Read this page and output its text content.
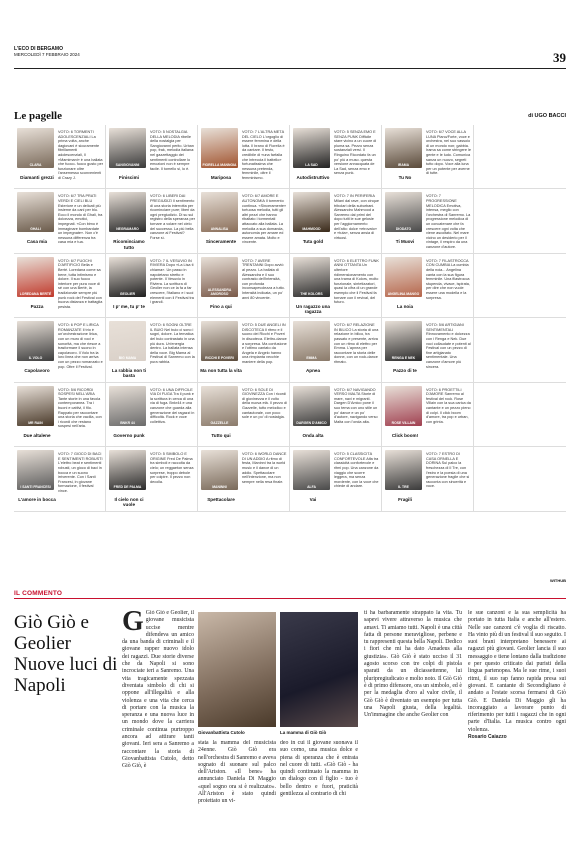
L'ECO DI BERGAMO
MERCOLEDÌ 7 FEBBRAIO 2024	39
Le pagelle	di UGO BACCI
CLARA
Diamanti grezzi
VOTO: 6 TORMENTI ADOLESCENZIALI La prima volta, anche dagiovani è sicuramente fibrillamenti adolescenziali, Il «Mamimani» è una ballata che fuoco- fuoco gusto per funzionare oltre l'ansemesso sconvenienti di Crazy J.
SANGIOVANNI
Finiscimi
VOTO: 5 NOSTALGIA DELLA MELODIA ribelle della nostalgia per Sangiovanni perito. Urban pop, frak, melodia italiana: nel gazzettaggio dei sentimenti controllare lo emozioni non è sempre facile. Il tomello si, lo è.
FIORELLA MANNOIA
Mariposa
VOTO: 7 L'ALTRA METÀ DEL CIELO L'orgoglio di essere femmina e della lotta. Il brano di Fiorella è da cantare. Il testo, credibile di «una farfalla che intreccia il battello» fortunatissima che nessuna pretenda, femminile, oltre il femminismo.
LA SAD
Autodistruttivo
VOTO: 5 SENZA EMO E SENZA PUNK Difficile stare vicino a un cuore di pluma sa. Pezzo senza sostanziali versi. Il Ringuino Ricordato fa un po' più a muso. questa versione annacquata de La Sad, senza emo e senza punk.
IRAMA
Tu No
VOTO: 6/7 VOCE ALLA LUNA Piano/Forte, voce e orchestra, nel suo vassoio di un mondo non; gabbia. Irama sa come stringere le gente e le ludo. Comunica sanza un nuovo, segreti tutto dopo. Voce alla luna per un potente per averne di tutte.
GHALI
Casa mia
VOTO: 6/7 TRA PRATI VERDI E CIELI BLU Esteriore e un delicati più insieme da cani per blu. Ecco il mondo di Ghali, tra dolcezza, emotici, impegnati. «Con bimo è immaginare bombardate un impegnate». Non c'è nessuna differenza tra casa mia e tua.
NEGRAMARO
Ricominciamo tutto
VOTO: 6 LIBERI DAI PREGIUDIZI Il sentimento di una storia interrotta per ricominciare pure; liberi da ogni pregiudizio. Di su sul registro della speranza per tornare a volare nel cielo del successo. La più bella canzone al Festival? Forse sì.
ANNALISA
Sinceramente
VOTO: 6/7 AMORE E AUTONOMIA Il tormento continua. «Sinceramente» tortuosa melodia, tutti gli altri pezzi che hanno ribaltato i tormentati attaccato alla ballata. La melodia a sua domanda, autonomia per amare ed essere amata. Molto e vincente.
MAHMOOD
Tuta gold
VOTO: 7 IN PERIFERIA Milani dal rave, con cinque tribolari della suburbani. Alessandro Mahmood a Sanremo dai primi del dopo tutti le sue gelosie per l'aggiornamento dell'alto: dolce «etrovato» e «tuta», senza ansia di virtuosi.
DIODATO
Ti Muovi
VOTO: 7 PROGRESSIONE MELODICA Emotiva, intensa, meglio con l'orchestra di Sanremo. La progressione melodica di un concatenare che fa crescere ogni volta che viene ascoltato. Nel mare vicino un desiderio per il vintage, il respiro da una canzone d'autore.
LOREDANA BERTÉ
Pazza
VOTO: 6/7 FUOCHI D'ARTIFICIO Bella e Berté. Loredana come sa bene, tutta intimismo e dolore. Il suo fuoco interiore per pura voce di sé con una Berté, la tradizionale sempre più punk rock del Festival con buona distanza e battaglia pesista.
GEOLIER
I p' me, tu p' te
VOTO: 7 IL VESUVIO IN RIVIERA Dopo «La Lisa ti chiama». Un passo in napoletano stretto e potente. Il Vesuvio in Riviera. La scrittura di Geolier non ce la fa a far crescere, l'italiano e i suoi elementi con il Festival tra i grandi.
ALESSANDRA AMOROSO
Fino a qui
VOTO: 7 AVERE TRENTANNI Dopo avviò al pezzo. La ballata di Alessandra e il suo contrasto dell'intensità, con profonda inconsapevolezza a tutto. Intensità indicata, un po' anni 80 vincente.
THE KOLORS
Un ragazzo una ragazza
VOTO: 6 ELETTRO FUNK ANNI OTTANTA Un ulteriore ridimensionamento con una trama di Kolors, molto funzionale, sintetizzatori, quasi la cifra di un grande esempio che il Festival fa tornare con il revival, del futuro.
ANGELINA MANGO
La noia
VOTO: 7 FILASTROCCA CON CUMBIA La cumbia della noia... Angelina canta con la sua figura femminile. Una filastrocca stupenda, vivace, ispirata, per dire che non vuole essere una modella e la sorpresa.
IL VOLO
Capolavoro
VOTO: 6 POP E LIRICA ROMANZATE Il trio è un'orchestrazione lirica, con un muro di voci e sonorità, ma che riesce a trasformare il suono in capolavoro. Il Volo tra la loro linea che non arriva con un pezzo romanzato e pop. Oltre il Festival.
BIG MAMA
La rabbia non ti basta
VOTO: 6 SOGNI OLTRE IL BUIO Nel buio ci sono i sogni, dolore. La tematica del buio contrastato in una più dura. Un'energia dentro. La ballata intensa della voce. Big Mama al Festival di Sanremo con la pura rabbia.
RICCHI E POVERI
Ma non tutta la vita
VOTO: 5 DUE ANGELI IN DISCOTECA Il ritmo e il suono dei Ricchi e Poveri in discoteca. Elettro-dance a sorpresa. Ma confusione e l'ottimo cantato da Angela e Angelo hanno una rimpianta vecchie maniere della pop.
EMMA
Apnea
VOTO: 6/7 RELAZIONE IN BILICO La storia di una relazione in bilico, tra passato e presente, arriva con un ritmo di elettro per Emma. L'apnea per raccontare la storia delle donne, con un rock-dance ritmato.
RENGA E NEK
Pazzo di te
VOTO: 5/6 ARTIGIANI SENTIMENTALI Rinnovamento e dolcezza con i Renga e Nek. Due voci collaudate e potenti al Festival con un pezzo di fine artigianato sentimentale. Una canzone d'amore più sincera.
MR RAIN
Due altalene
VOTO: 5/6 RICORDI SOSPESI NELL'ARIA Tante storie in una favola contemporanea. Tra i buoni e cattivi, il filo. Rappato per raccontare una storia che vacilla, con i ricordi che restano sospesi nell'aria.
BNKR 44
Governo punk
VOTO: 6 UNA DIFFICILE VIA DI FUGA Tra il punk e la scrittura in cerca di una via di fuga. Bnkr44 e una canzone che guarda alla generazione dei ragazzi in difficoltà. Rock e voce collettiva.	GAZZELLE
Tutto qui
VOTO: 6 SOLE DI GIOVINEZZA Con i ricordi di giovinezza e il volto della nuova età. Il pezzo di Gazzelle, tutto melodico e cantautorale, con poco sole e un po' di nostalgia.
DARGEN D'AMICO
Onda alta
VOTO: 6/7 NAVIGANDO VERSO MALTA Storie di mare, navi e migranti. Dargen D'Amico pone il suo tema con uno stile un po' dance e un po' d'autore, navigando verso Malta con l'onda alta.	ROSE VILLAIN
Click boom!
VOTO: 6 PROETTILI D'AMORE Sanremo al festival del rock. Rose Villain con la sua carica da cantante e un pezzo pieno di colpi. Il click boom d'amore, tra pop e urban, con grinta.
I SANTI FRANCESI
L'amore in bocca
VOTO: 7 GIOCO DI BACI E SENTIMENTI ROBUSTI L'elettro beat e sentimenti robusti, un gioco di baci in bocca e un suono irriverente. Con i Santi Francesi, in giovane formazione, il festival vince.
FRED DE PALMA
Il cielo non ci vuole
VOTO: 5 SIMBOLO E ORIGINE Fred De Palma tra simboli e raccolta da cielo; un reggaeton senza sorprese, troppo debole per colpire. Il pezzo non decolla.
MANINNI
Spettacolare
VOTO: 6 WORLD DANCE DI UN ADDIO A ritmo di festa, Maninni tra la world music e il dance di un addio. Spettacolare nell'intenzione, ma non sempre nella resa finale.
ALFA
Vai
VOTO: 5 CLASSICITÀ CONFORTEVOLE Alfa tra classicità confortevole e ritmi pop. Una canzone da viaggio che scorre leggera, ma senza mordente, con la voce che chiede di andare.	IL TRE
Fragili
VOTO: 7 ESTRO DI CASA ORNELLA E DORINA Sul palco la freschezza di Il Tre, con l'estro e la poesia di una generazione fragile che si racconta con sincerità e voce.
WITHUB
IL COMMENTO
Giò Giò e Geolier Nuove luci di Napoli
G Giò Giò e Geolier, il giovane musicista uccise mentre difendeva un amico da una banda di criminali e il giovane rapper nuovo idolo dei ragazzi. Due storie diverse che da Napoli si sono incrociate ieri a Sanremo. Una vita tragicamente spezzata diventata simbolo di chi si oppone all'illegalità e alla violenza e una vita che cerca di portare con la musica la speranza e una nuova luce in un mondo dove la carriera criminale continua purtroppo ancora ad attirare tanti giovani. Ieri sera a Sanremo a raccontare la storia di Giovanbattista Cutolo, detto Giò Giò, è
Giovanbattista Cutolo
stata la mamma del musicista 24enne. Giò Giò era nell'orchestra di Sanremo e aveva sognato di suonare sul palco dell'Ariston. «Il bene» ha annunciato Daniela Di Maggio «quel sogno ora si è realizzato». All'Ariston è stato quindi proiettato un vi-
La mamma di Giò Giò
deo in cui il giovane suonava il suo corno, una musica dolce e piena di speranza che è entrata nel cuore di tutti. «Giò Giò - ha quindi continuato la mamma in un dialogo con il figlio - tuo è bello dentro e fuori, praticità gentilezza al contrario di chi
ti ha barbaramente strappato la vita. Tu sapevi vivere attraverso la musica che amavi. Ti amiamo tutti. Napoli è una città fatta di persone meravigliose, perbene e tu rappresenti questa bella Napoli. Dedico i fiori che mi ha dato Amadeus alla giustizia». Giò Giò è stato ucciso il 31 agosto scorso con tre colpi di pistola sparati da un diciassettenne, lui pluripregiudicato e molto noto. Il Giò Giò è di primo difensore, ora un simbolo, ed è per la medaglia d'oro al valor civile, il Giò Giò è diventato un esempio per tutta una Napoli giusta, della legalità. Un'immagine che anche Geolier con
le sue canzoni e la sua semplicità ha portato in tutta Italia e anche all'estero. Nelle sue canzoni c'è voglia di riscatto. Ha vinto più di un festival il suo seguito. I suoi brani interpretano benessere ai ragazzi più giovani. Geolier lancia il suo messaggio e tiene lontano dalla tradizione e per questo criticato dai puristi della lingua partenopea. Ma le sue rime, i suoi ritmi, il suo rap fanno rapida presa sui giovani. E cantante di Secondigliano è andato a l'estate scorsa fermarsi di Giò Giò. E Daniela Di Maggio gli ha incoraggiato a lavorare punto di riferimento per tutti i ragazzi che in ogni parte d'Italia. La musica contro ogni violenza.
Rosario Caiazzo
